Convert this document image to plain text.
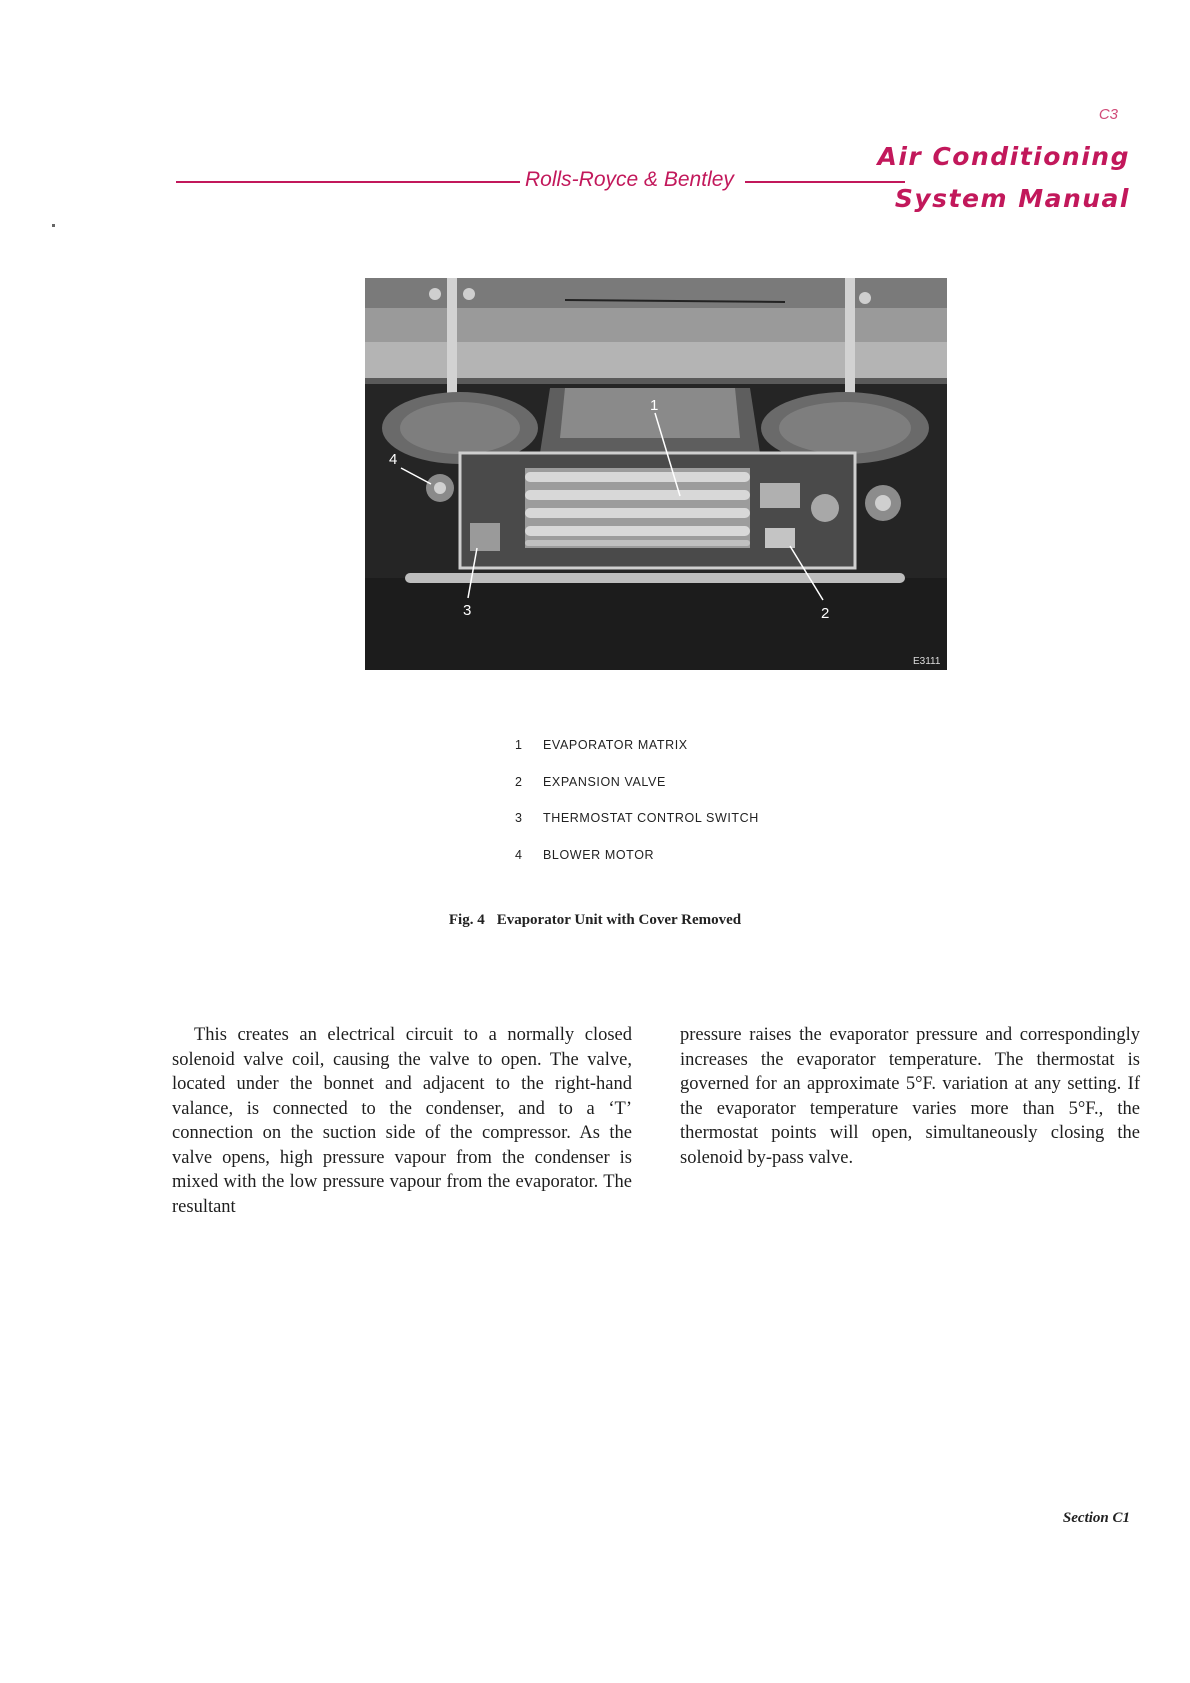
C3
Rolls-Royce & Bentley
Air Conditioning
System Manual
1
4
3	2
E3111
1	EVAPORATOR MATRIX
2	EXPANSION VALVE
3	THERMOSTAT CONTROL SWITCH
4	BLOWER MOTOR
Fig. 4 Evaporator Unit with Cover Removed

This creates an electrical circuit to a normally closed solenoid valve coil, causing the valve to open. The valve, located under the bonnet and adjacent to the right-hand valance, is connected to the condenser, and to a ‘T’ connection on the suction side of the compressor. As the valve opens, high pressure vapour from the condenser is mixed with the low pressure vapour from the evaporator. The resultant

pressure raises the evaporator pressure and correspondingly increases the evaporator temperature. The thermostat is governed for an approximate 5°F. variation at any setting. If the evaporator temperature varies more than 5°F., the thermostat points will open, simultaneously closing the solenoid by-pass valve.

Section C1
